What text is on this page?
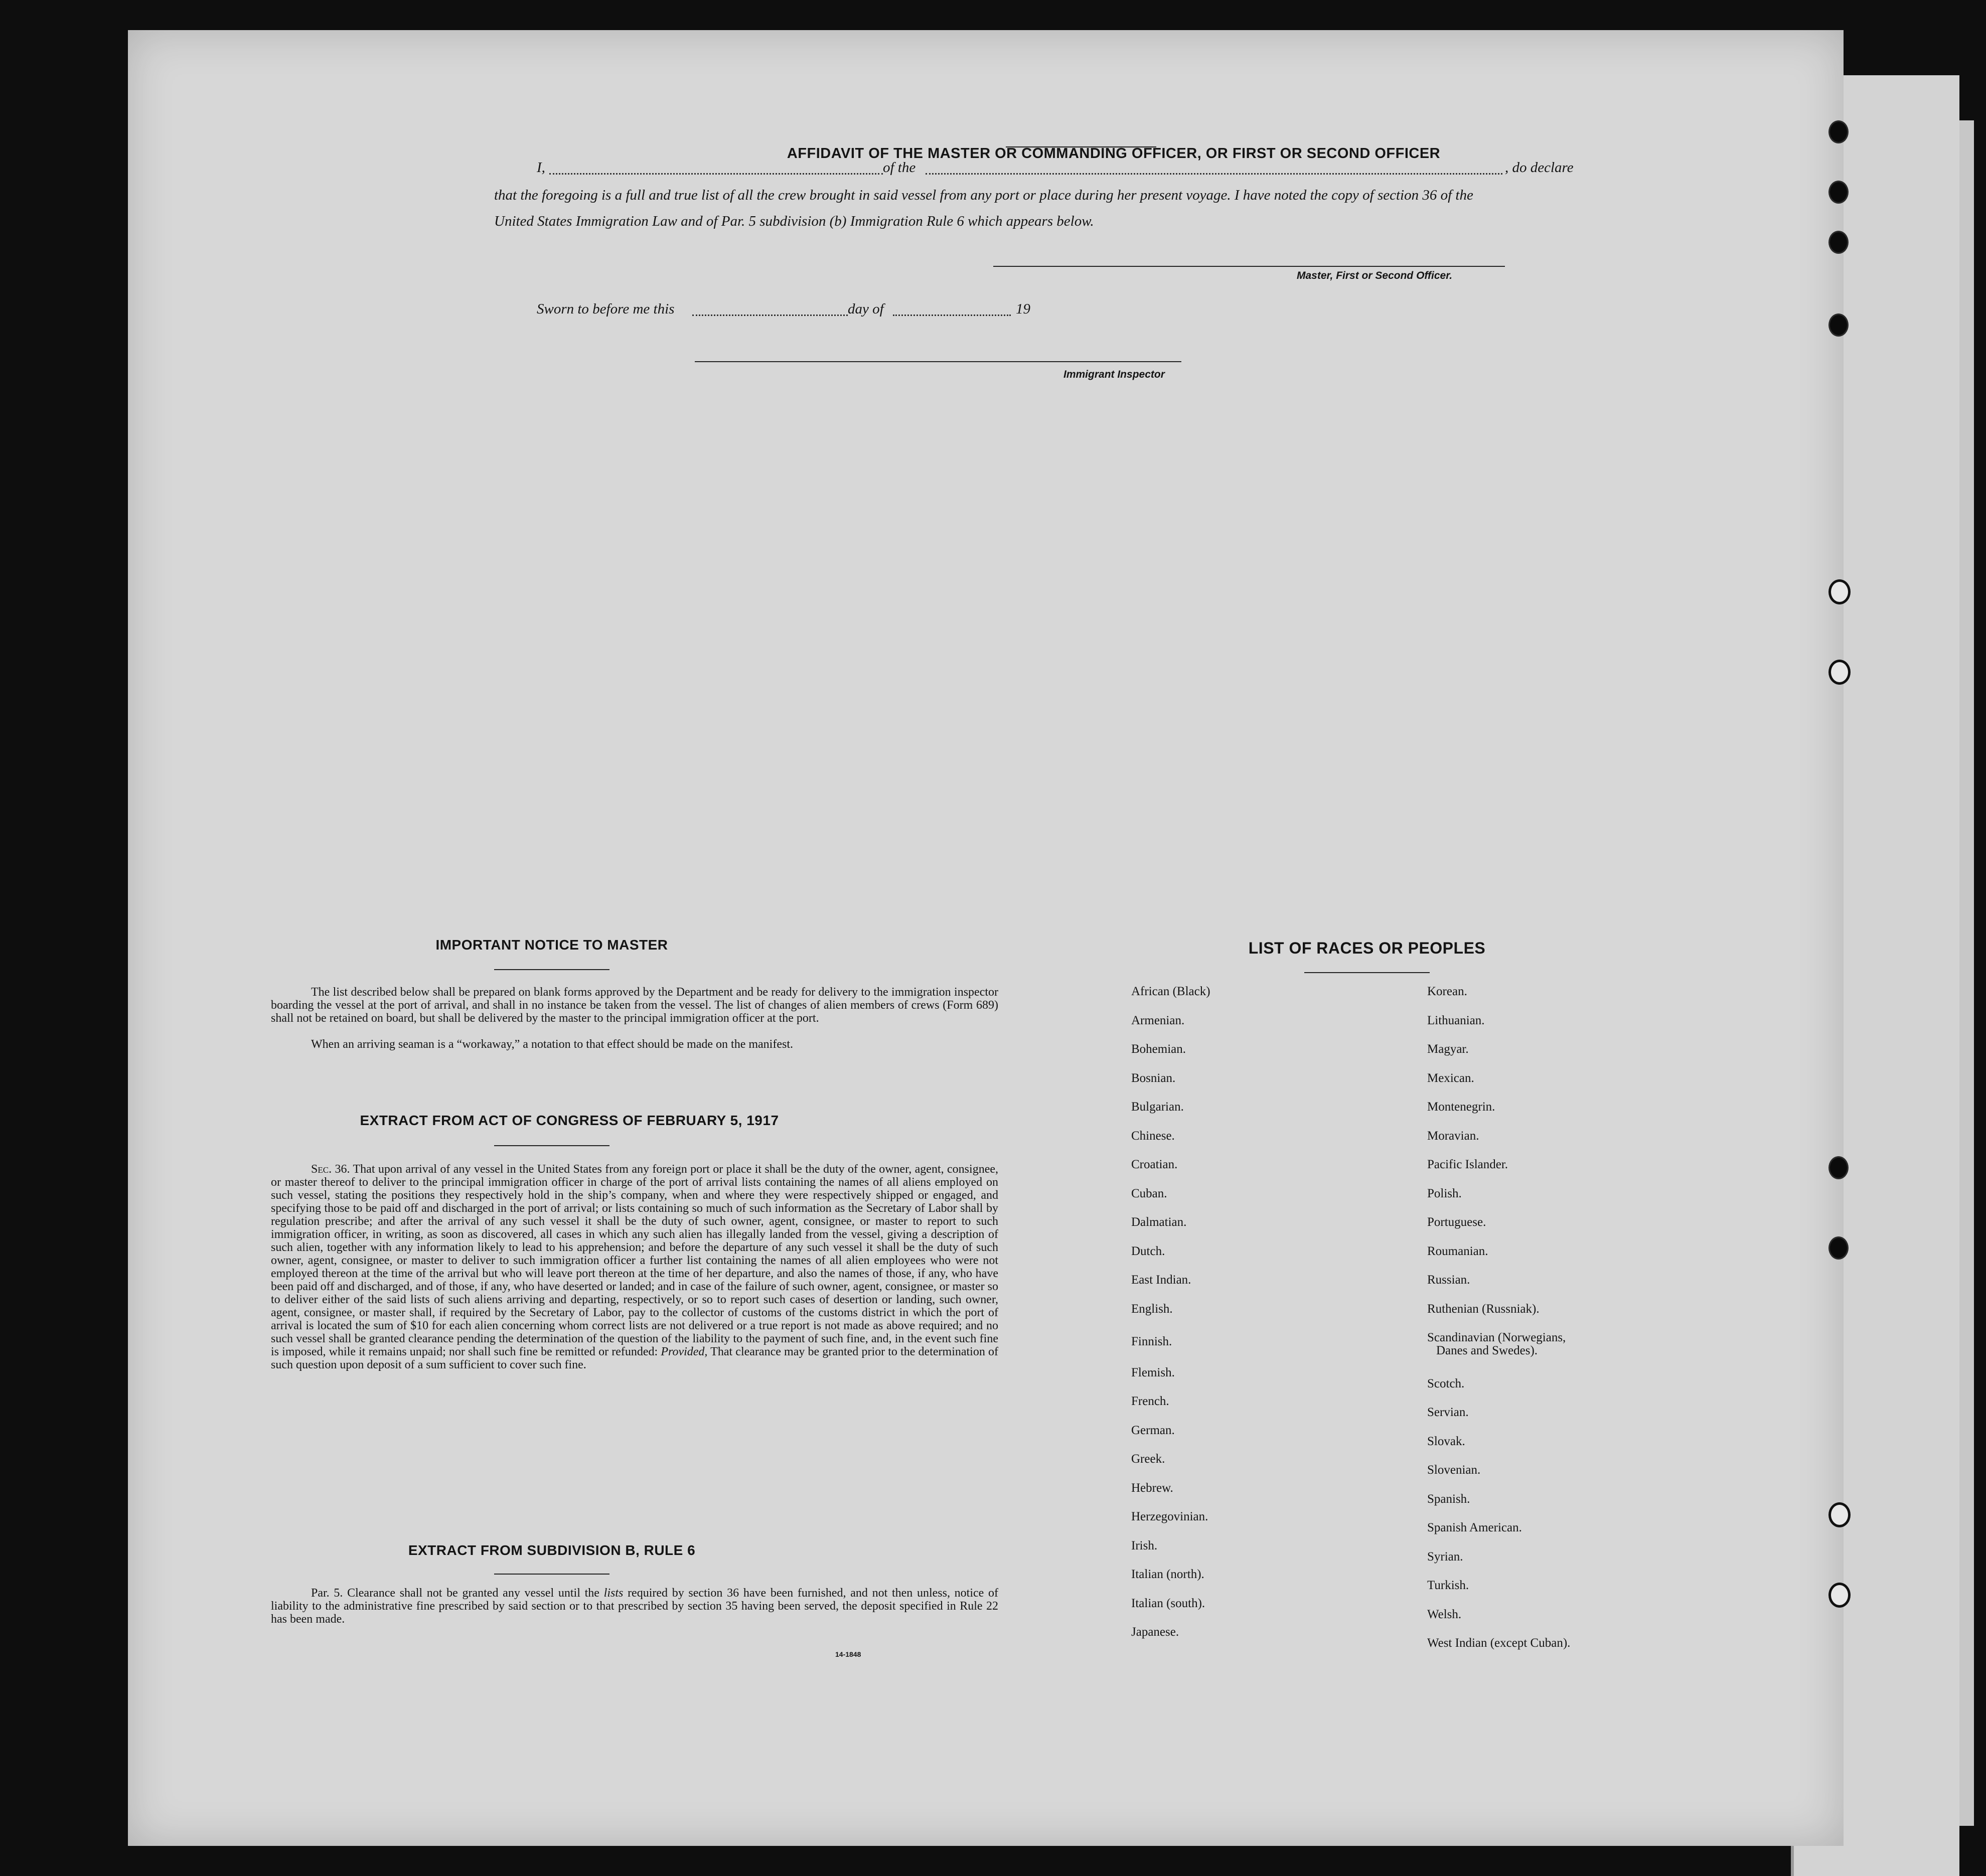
AFFIDAVIT OF THE MASTER OR COMMANDING OFFICER, OR FIRST OR SECOND OFFICER
I,	of the	, do declare
that the foregoing is a full and true list of all the crew brought in said vessel from any port or place during her present voyage. I have noted the copy of section 36 of the United States Immigration Law and of Par. 5 subdivision (b) Immigration Rule 6 which appears below.
Master, First or Second Officer.
Sworn to before me this	day of	19
Immigrant Inspector
IMPORTANT NOTICE TO MASTER
The list described below shall be prepared on blank forms approved by the Department and be ready for delivery to the immigration inspector boarding the vessel at the port of arrival, and shall in no instance be taken from the vessel. The list of changes of alien members of crews (Form 689) shall not be retained on board, but shall be delivered by the master to the principal immigration officer at the port.
When an arriving seaman is a “workaway,” a notation to that effect should be made on the manifest.
EXTRACT FROM ACT OF CONGRESS OF FEBRUARY 5, 1917
Sec. 36. That upon arrival of any vessel in the United States from any foreign port or place it shall be the duty of the owner, agent, consignee, or master thereof to deliver to the principal immigration officer in charge of the port of arrival lists containing the names of all aliens employed on such vessel, stating the positions they respectively hold in the ship’s company, when and where they were respectively shipped or engaged, and specifying those to be paid off and discharged in the port of arrival; or lists containing so much of such information as the Secretary of Labor shall by regulation prescribe; and after the arrival of any such vessel it shall be the duty of such owner, agent, consignee, or master to report to such immigration officer, in writing, as soon as discovered, all cases in which any such alien has illegally landed from the vessel, giving a description of such alien, together with any information likely to lead to his apprehension; and before the departure of any such vessel it shall be the duty of such owner, agent, consignee, or master to deliver to such immigration officer a further list containing the names of all alien employees who were not employed thereon at the time of the arrival but who will leave port thereon at the time of her departure, and also the names of those, if any, who have been paid off and discharged, and of those, if any, who have deserted or landed; and in case of the failure of such owner, agent, consignee, or master so to deliver either of the said lists of such aliens arriving and departing, respectively, or so to report such cases of desertion or landing, such owner, agent, consignee, or master shall, if required by the Secretary of Labor, pay to the collector of customs of the customs district in which the port of arrival is located the sum of $10 for each alien concerning whom correct lists are not delivered or a true report is not made as above required; and no such vessel shall be granted clearance pending the determination of the question of the liability to the payment of such fine, and, in the event such fine is imposed, while it remains unpaid; nor shall such fine be remitted or refunded: Provided, That clearance may be granted prior to the determination of such question upon deposit of a sum sufficient to cover such fine.
EXTRACT FROM SUBDIVISION B, RULE 6
Par. 5. Clearance shall not be granted any vessel until the lists required by section 36 have been furnished, and not then unless, notice of liability to the administrative fine prescribed by said section or to that prescribed by section 35 having been served, the deposit specified in Rule 22 has been made.
14-1848
LIST OF RACES OR PEOPLES
African (Black)
Armenian.
Bohemian.
Bosnian.
Bulgarian.
Chinese.
Croatian.
Cuban.
Dalmatian.
Dutch.
East Indian.
English.
Finnish.
Flemish.
French.
German.
Greek.
Hebrew.
Herzegovinian.
Irish.
Italian (north).
Italian (south).
Japanese.
Korean.
Lithuanian.
Magyar.
Mexican.
Montenegrin.
Moravian.
Pacific Islander.
Polish.
Portuguese.
Roumanian.
Russian.
Ruthenian (Russniak).
Scandinavian (Norwegians,
Danes and Swedes).
Scotch.
Servian.
Slovak.
Slovenian.
Spanish.
Spanish American.
Syrian.
Turkish.
Welsh.
West Indian (except Cuban).
